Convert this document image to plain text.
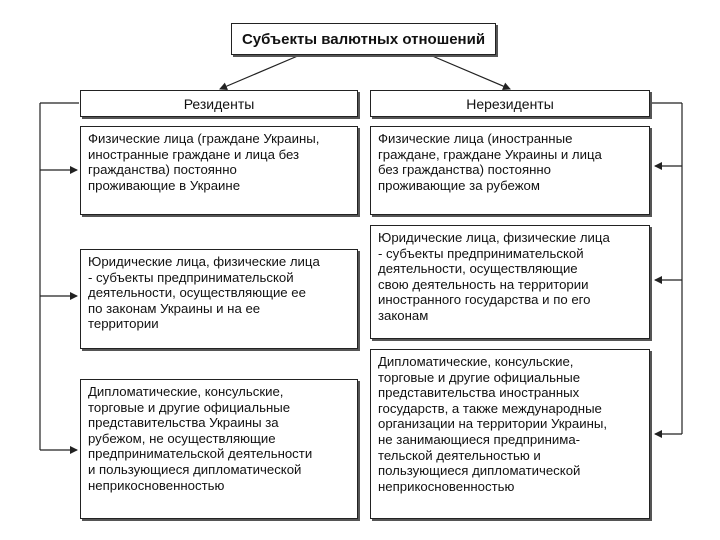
Субъекты валютных отношений
Резиденты	Нерезиденты
Физические лица (граждане Украины,
иностранные граждане и лица без
гражданства) постоянно
проживающие в Украине
Юридические лица, физические лица
- субъекты предпринимательской
деятельности, осуществляющие ее
по законам Украины и на ее
территории
Дипломатические, консульские,
торговые и другие официальные
представительства Украины за
рубежом, не осуществляющие
предпринимательской деятельности
и пользующиеся дипломатической
неприкосновенностью
Физические лица (иностранные
граждане, граждане Украины и лица
без гражданства) постоянно
проживающие за рубежом
Юридические лица, физические лица
- субъекты предпринимательской
деятельности, осуществляющие
свою деятельность на территории
иностранного государства и по его
законам
Дипломатические, консульские,
торговые и другие официальные
представительства иностранных
государств, а также международные
организации на территории Украины,
не занимающиеся предпринима-
тельской деятельностью и
пользующиеся дипломатической
неприкосновенностью
